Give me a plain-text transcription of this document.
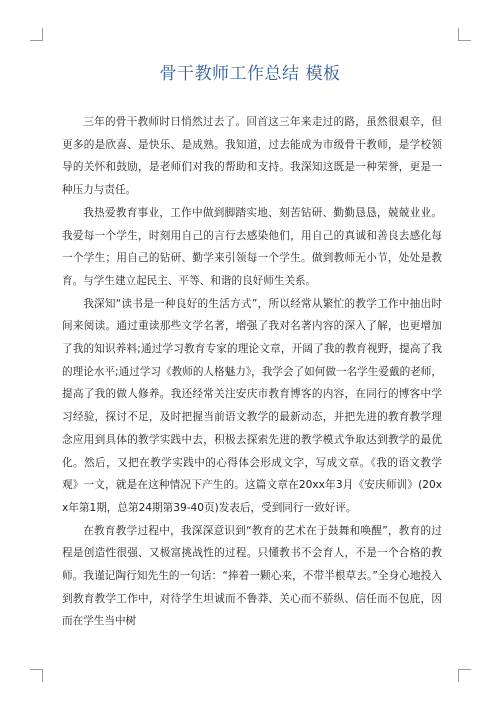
骨干教师工作总结 模板

三年的骨干教师时日悄然过去了。回首这三年来走过的路，虽然很艰辛，但更多的是欣喜、是快乐、是成熟。我知道，过去能成为市级骨干教师，是学校领导的关怀和鼓励，是老师们对我的帮助和支持。我深知这既是一种荣誉，更是一种压力与责任。

我热爱教育事业，工作中做到脚踏实地、刻苦钻研、勤勤恳恳，兢兢业业。我爱每一个学生，时刻用自己的言行去感染他们，用自己的真诚和善良去感化每一个学生；用自己的钻研、勤学来引领每一个学生。做到教师无小节，处处是教育。与学生建立起民主、平等、和谐的良好师生关系。

我深知“读书是一种良好的生活方式”，所以经常从繁忙的教学工作中抽出时间来阅读。通过重读那些文学名著，增强了我对名著内容的深入了解，也更增加了我的知识养料;通过学习教育专家的理论文章，开阔了我的教育视野，提高了我的理论水平;通过学习《教师的人格魅力》，我学会了如何做一名学生爱戴的老师，提高了我的做人修养。我还经常关注安庆市教育博客的内容，在同行的博客中学习经验，探讨不足，及时把握当前语文教学的最新动态，并把先进的教育教学理念应用到具体的教学实践中去，积极去探索先进的教学模式争取达到教学的最优化。然后，又把在教学实践中的心得体会形成文字，写成文章。《我的语文教学观》一文，就是在这种情况下产生的。这篇文章在20xx年3月《安庆师训》(20xx年第1期，总第24期第39-40页)发表后，受到同行一致好评。

在教育教学过程中，我深深意识到“教育的艺术在于鼓舞和唤醒”，教育的过程是创造性很强、又极富挑战性的过程。只懂教书不会育人，不是一个合格的教师。我谨记陶行知先生的一句话：“捧着一颗心来，不带半根草去。”全身心地投入到教育教学工作中，对待学生坦诚而不鲁莽、关心而不骄纵、信任而不包庇，因而在学生当中树
